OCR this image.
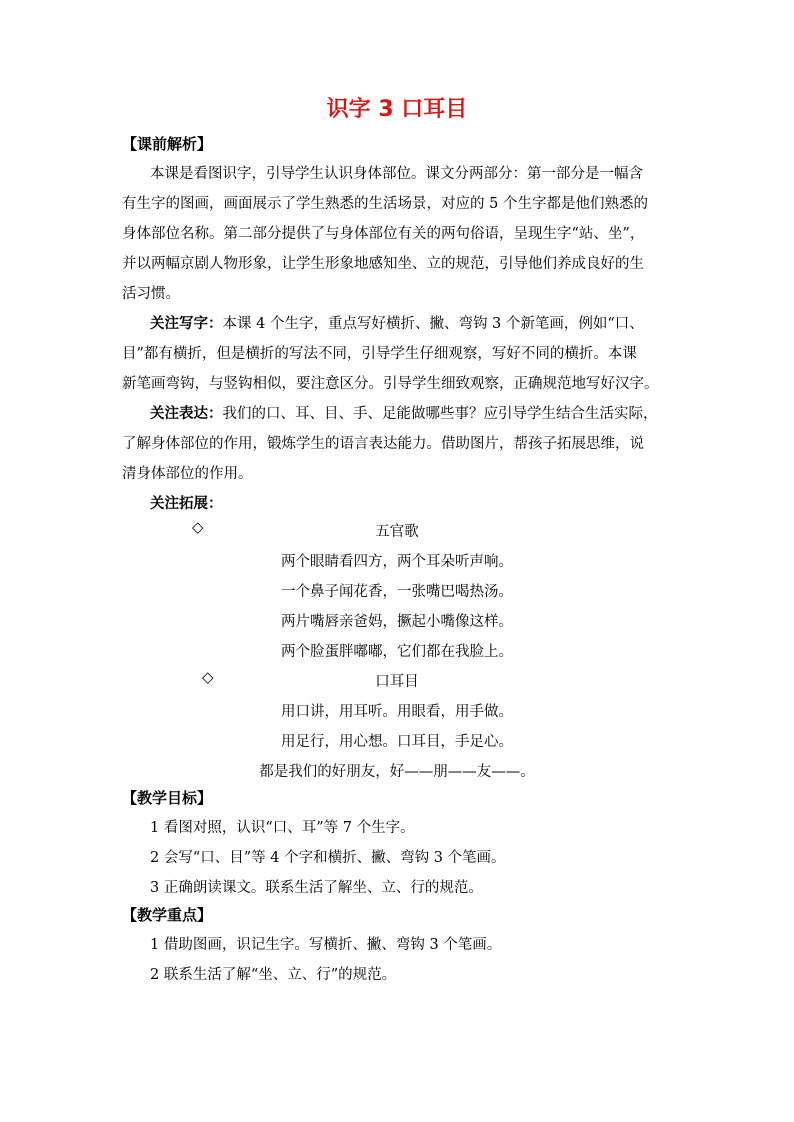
识字 3 口耳目
【课前解析】
本课是看图识字，引导学生认识身体部位。课文分两部分：第一部分是一幅含
有生字的图画，画面展示了学生熟悉的生活场景，对应的 5 个生字都是他们熟悉的
身体部位名称。第二部分提供了与身体部位有关的两句俗语，呈现生字“站、坐”，
并以两幅京剧人物形象，让学生形象地感知坐、立的规范，引导他们养成良好的生
活习惯。
关注写字：本课 4 个生字，重点写好横折、撇、弯钩 3 个新笔画，例如“口、
目”都有横折，但是横折的写法不同，引导学生仔细观察，写好不同的横折。本课
新笔画弯钩，与竖钩相似，要注意区分。引导学生细致观察，正确规范地写好汉字。
关注表达：我们的口、耳、目、手、足能做哪些事？应引导学生结合生活实际，
了解身体部位的作用，锻炼学生的语言表达能力。借助图片，帮孩子拓展思维，说
清身体部位的作用。
关注拓展：
◇	五官歌
两个眼睛看四方，两个耳朵听声响。
一个鼻子闻花香，一张嘴巴喝热汤。
两片嘴唇亲爸妈，撅起小嘴像这样。
两个脸蛋胖嘟嘟，它们都在我脸上。
◇	口耳目
用口讲，用耳听。用眼看，用手做。
用足行，用心想。口耳目，手足心。
都是我们的好朋友，好——朋——友——。
【教学目标】
1 看图对照，认识“口、耳”等 7 个生字。
2 会写“口、目”等 4 个字和横折、撇、弯钩 3 个笔画。
3 正确朗读课文。联系生活了解坐、立、行的规范。
【教学重点】
1 借助图画，识记生字。写横折、撇、弯钩 3 个笔画。
2 联系生活了解“坐、立、行”的规范。
